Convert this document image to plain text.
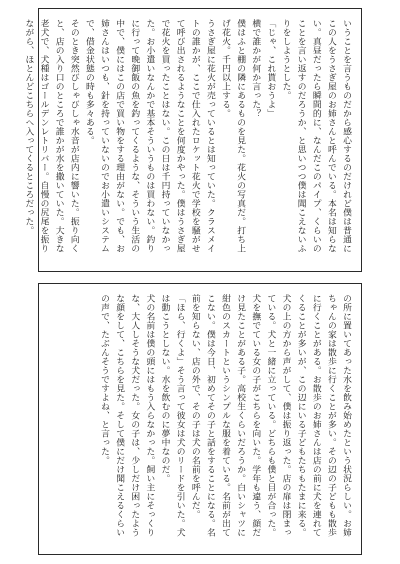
いうことを言うものだから感心するのだけれど僕は普通にこの人をうさぎ屋のお姉さんと呼んでいる。本名は知らない。真昼だったら瞬間的に、なんだこのパイプ、くらいのことを言い返すのだろうか、と思いつつ僕は聞こえないふりをしようとした。

「じゃ、これ貰おうよ」

横で誰かが何か言った？

僕はふと棚の隣にあるものを見た。花火の写真だ。打ち上げ花火。千円以上する。

うさぎ屋に花火が売っているとは知っていた。クラスメイトの誰かが、ここで仕入れたロケット花火で学校を騒がせて呼び出されるようなことを何度かやった。僕はうさぎ屋で花火を買ったことはない。この日は千円持っていなかった。お小遣いなんかで基本そういうものは買わない。釣りに行って晩御飯の魚を釣ってくるような、そういう生活の中で、僕にはこの店で買い物をする理由がない。でも、お姉さんはいつも、針を持っていないのでお小遣いシステムで、借金状態の時も多々ある。

そのとき突然びしゃびしゃ水音が店内に響いた。振り向くと、店の入り口のところで誰かが水を撒いていた。大きな老犬で、犬種はゴールデンレトリバー。自慢の尻尾を振りながら、ほとんどこちらへ入ってくるところだった。

の所に置いてあった水を飲み始めたという状況らしい。お姉ちゃんの家は散歩に行くことが多い。その辺の子どもも散歩に行くことがある。お散歩のお姉さんは店の前に犬を連れてくることが多いが、この辺にいる子どもたちもたまに来る。

犬の上の方から声がして、僕は振り返った。店の扉は閉まっている。犬と一緒に立っている。どちらも僕と目が合った。

犬を撫でている女の子がこちらを向いた。学年も違う、顔だけ見たことがある子。高校生くらいだろうか。白いシャツに紺色のスカートというシンプルな服を着ている。名前が出てこない。僕は今日、初めてその子と話をすることになる。名前を知らない、店の外で、その子は犬の名前を呼んだ。

「ほら、行くよ」そう言って彼女は犬のリードを引いた。犬は動こうとしない。水を飲むのに夢中なのだ。

犬の名前は僕の頭にはもう入らなかった。飼い主にそっくりな、大人しそうな犬だった。女の子は、少しだけ困ったような顔をして、こちらを見た。そして僕にだけ聞こえるくらいの声で、たぶんそうですよね、と言った。
